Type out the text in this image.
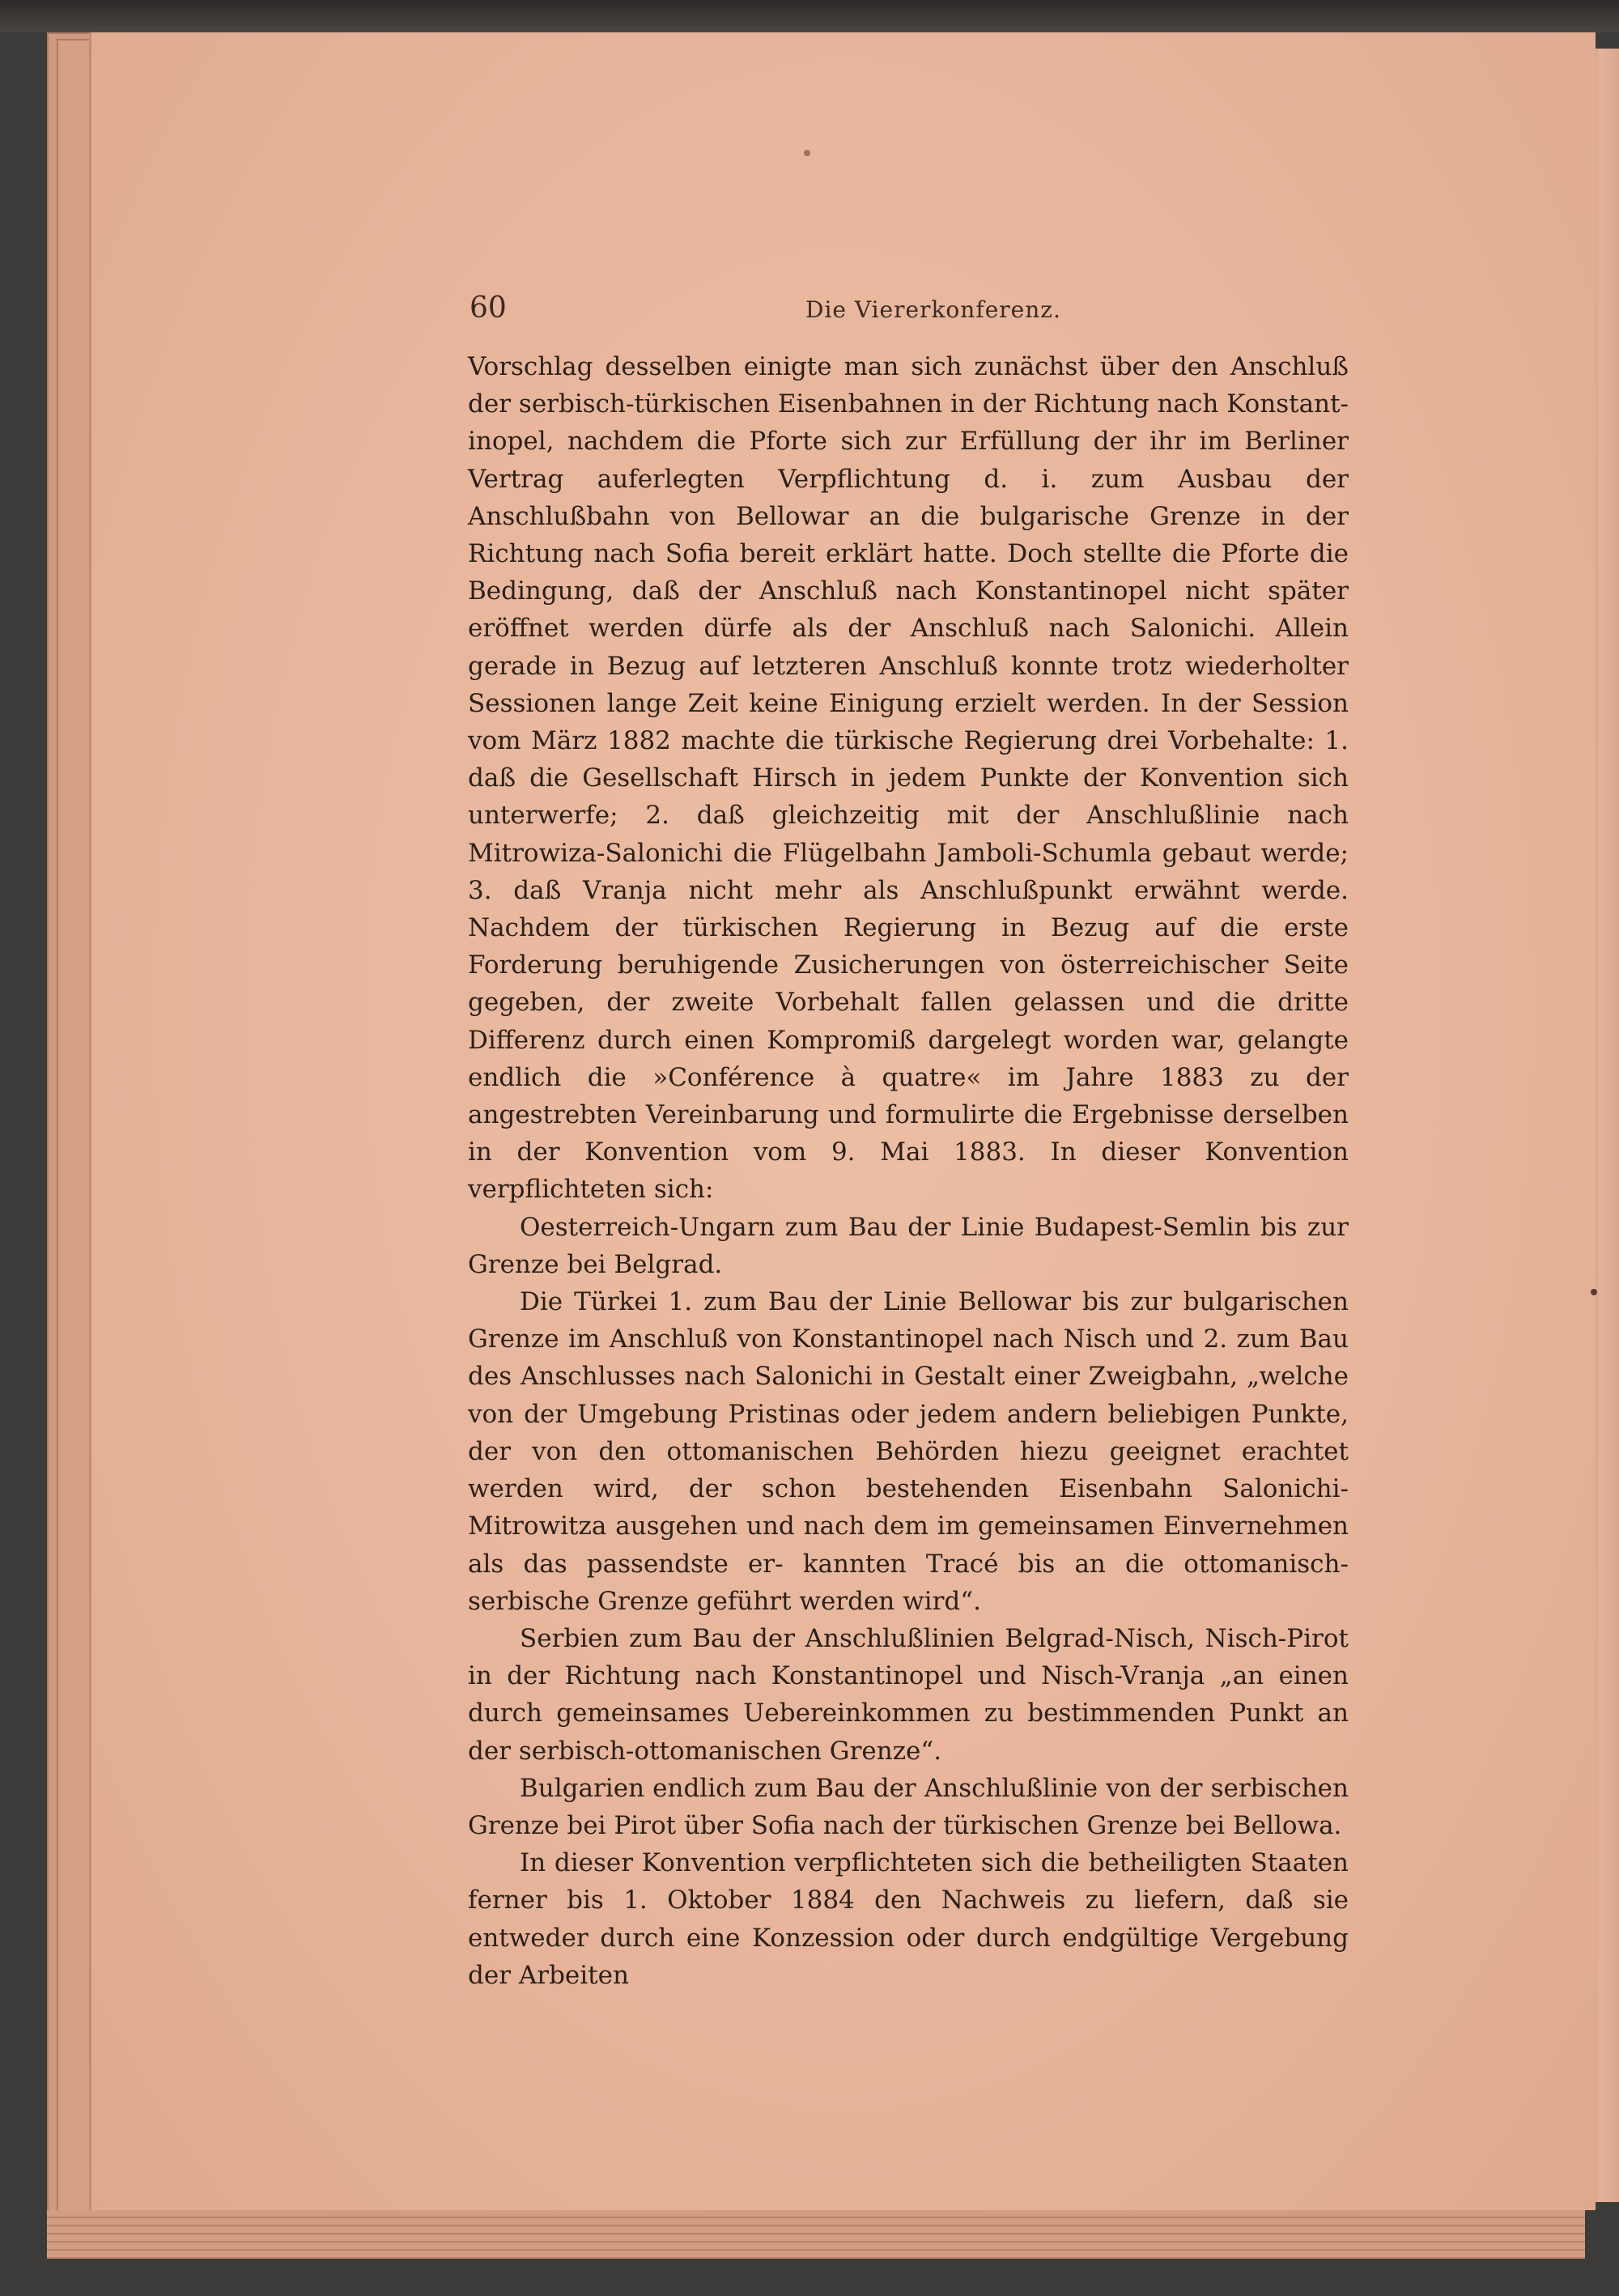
60	Die Viererkonferenz.

Vorschlag desselben einigte man sich zunächst über den Anschluß der serbisch-türkischen Eisenbahnen in der Richtung nach Konstant- inopel, nachdem die Pforte sich zur Erfüllung der ihr im Berliner Vertrag auferlegten Verpflichtung d. i. zum Ausbau der Anschlußbahn von Bellowar an die bulgarische Grenze in der Richtung nach Sofia bereit erklärt hatte. Doch stellte die Pforte die Bedingung, daß der Anschluß nach Konstantinopel nicht später eröffnet werden dürfe als der Anschluß nach Salonichi. Allein gerade in Bezug auf letzteren Anschluß konnte trotz wiederholter Sessionen lange Zeit keine Einigung erzielt werden. In der Session vom März 1882 machte die türkische Regierung drei Vorbehalte: 1. daß die Gesellschaft Hirsch in jedem Punkte der Konvention sich unterwerfe; 2. daß gleichzeitig mit der Anschlußlinie nach Mitrowiza-Salonichi die Flügelbahn Jamboli-Schumla gebaut werde; 3. daß Vranja nicht mehr als Anschlußpunkt erwähnt werde. Nachdem der türkischen Regierung in Bezug auf die erste Forderung beruhigende Zusicherungen von österreichischer Seite gegeben, der zweite Vorbehalt fallen gelassen und die dritte Differenz durch einen Kompromiß dargelegt worden war, gelangte endlich die »Conférence à quatre« im Jahre 1883 zu der angestrebten Vereinbarung und formulirte die Ergebnisse derselben in der Konvention vom 9. Mai 1883. In dieser Konvention verpflichteten sich:

Oesterreich-Ungarn zum Bau der Linie Budapest-Semlin bis zur Grenze bei Belgrad.

Die Türkei 1. zum Bau der Linie Bellowar bis zur bulgarischen Grenze im Anschluß von Konstantinopel nach Nisch und 2. zum Bau des Anschlusses nach Salonichi in Gestalt einer Zweigbahn, „welche von der Umgebung Pristinas oder jedem andern beliebigen Punkte, der von den ottomanischen Behörden hiezu geeignet erachtet werden wird, der schon bestehenden Eisenbahn Salonichi-Mitrowitza ausgehen und nach dem im gemeinsamen Einvernehmen als das passendste er- kannten Tracé bis an die ottomanisch-serbische Grenze geführt werden wird“.

Serbien zum Bau der Anschlußlinien Belgrad-Nisch, Nisch-Pirot in der Richtung nach Konstantinopel und Nisch-Vranja „an einen durch gemeinsames Uebereinkommen zu bestimmenden Punkt an der serbisch-ottomanischen Grenze“.

Bulgarien endlich zum Bau der Anschlußlinie von der serbischen Grenze bei Pirot über Sofia nach der türkischen Grenze bei Bellowa.

In dieser Konvention verpflichteten sich die betheiligten Staaten ferner bis 1. Oktober 1884 den Nachweis zu liefern, daß sie entweder durch eine Konzession oder durch endgültige Vergebung der Arbeiten
